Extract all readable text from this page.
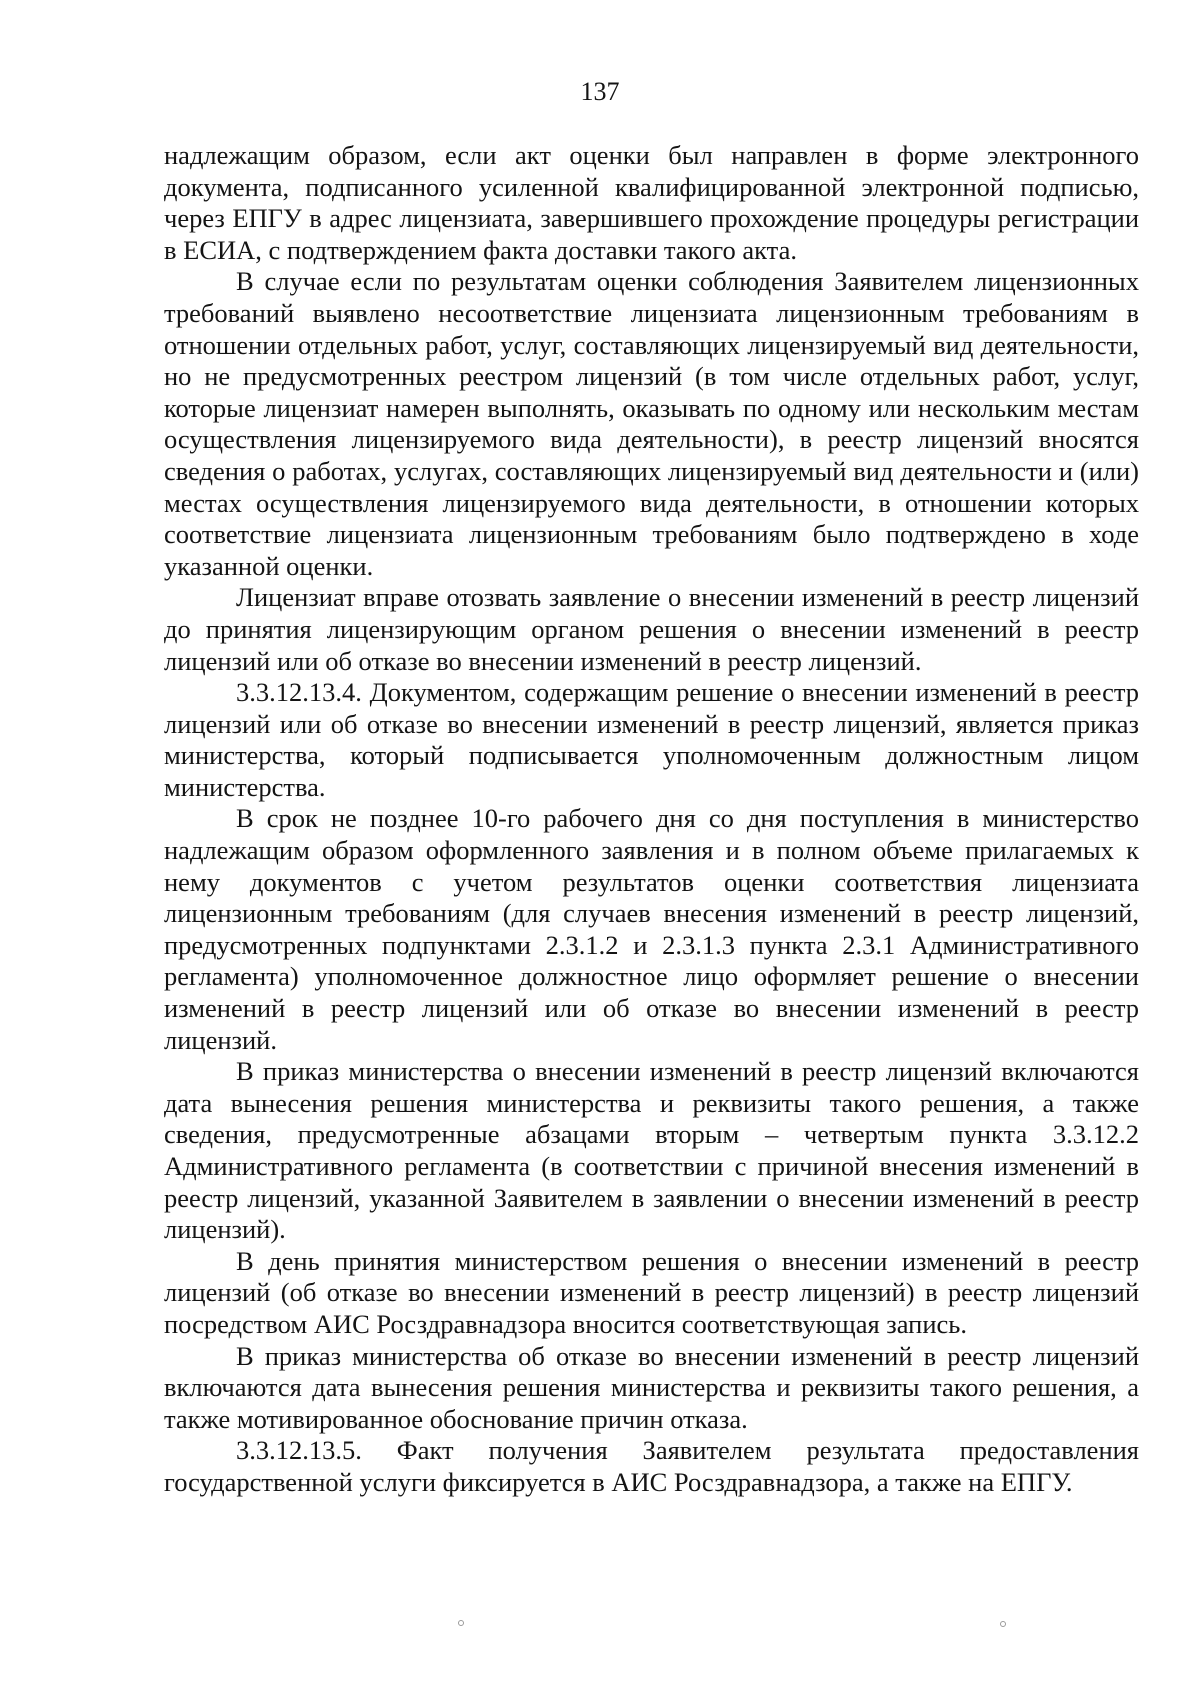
137

надлежащим образом, если акт оценки был направлен в форме электронного документа, подписанного усиленной квалифицированной электронной подписью, через ЕПГУ в адрес лицензиата, завершившего прохождение процедуры регистрации в ЕСИА, с подтверждением факта доставки такого акта.

В случае если по результатам оценки соблюдения Заявителем лицензионных требований выявлено несоответствие лицензиата лицензионным требованиям в отношении отдельных работ, услуг, составляющих лицензируемый вид деятельности, но не предусмотренных реестром лицензий (в том числе отдельных работ, услуг, которые лицензиат намерен выполнять, оказывать по одному или нескольким местам осуществления лицензируемого вида деятельности), в реестр лицензий вносятся сведения о работах, услугах, составляющих лицензируемый вид деятельности и (или) местах осуществления лицензируемого вида деятельности, в отношении которых соответствие лицензиата лицензионным требованиям было подтверждено в ходе указанной оценки.

Лицензиат вправе отозвать заявление о внесении изменений в реестр лицензий до принятия лицензирующим органом решения о внесении изменений в реестр лицензий или об отказе во внесении изменений в реестр лицензий.

3.3.12.13.4. Документом, содержащим решение о внесении изменений в реестр лицензий или об отказе во внесении изменений в реестр лицензий, является приказ министерства, который подписывается уполномоченным должностным лицом министерства.

В срок не позднее 10-го рабочего дня со дня поступления в министерство надлежащим образом оформленного заявления и в полном объеме прилагаемых к нему документов с учетом результатов оценки соответствия лицензиата лицензионным требованиям (для случаев внесения изменений в реестр лицензий, предусмотренных подпунктами 2.3.1.2 и 2.3.1.3 пункта 2.3.1 Административного регламента) уполномоченное должностное лицо оформляет решение о внесении изменений в реестр лицензий или об отказе во внесении изменений в реестр лицензий.

В приказ министерства о внесении изменений в реестр лицензий включаются дата вынесения решения министерства и реквизиты такого решения, а также сведения, предусмотренные абзацами вторым – четвертым пункта 3.3.12.2 Административного регламента (в соответствии с причиной внесения изменений в реестр лицензий, указанной Заявителем в заявлении о внесении изменений в реестр лицензий).

В день принятия министерством решения о внесении изменений в реестр лицензий (об отказе во внесении изменений в реестр лицензий) в реестр лицензий посредством АИС Росздравнадзора вносится соответствующая запись.

В приказ министерства об отказе во внесении изменений в реестр лицензий включаются дата вынесения решения министерства и реквизиты такого решения, а также мотивированное обоснование причин отказа.

3.3.12.13.5. Факт получения Заявителем результата предоставления государственной услуги фиксируется в АИС Росздравнадзора, а также на ЕПГУ.
